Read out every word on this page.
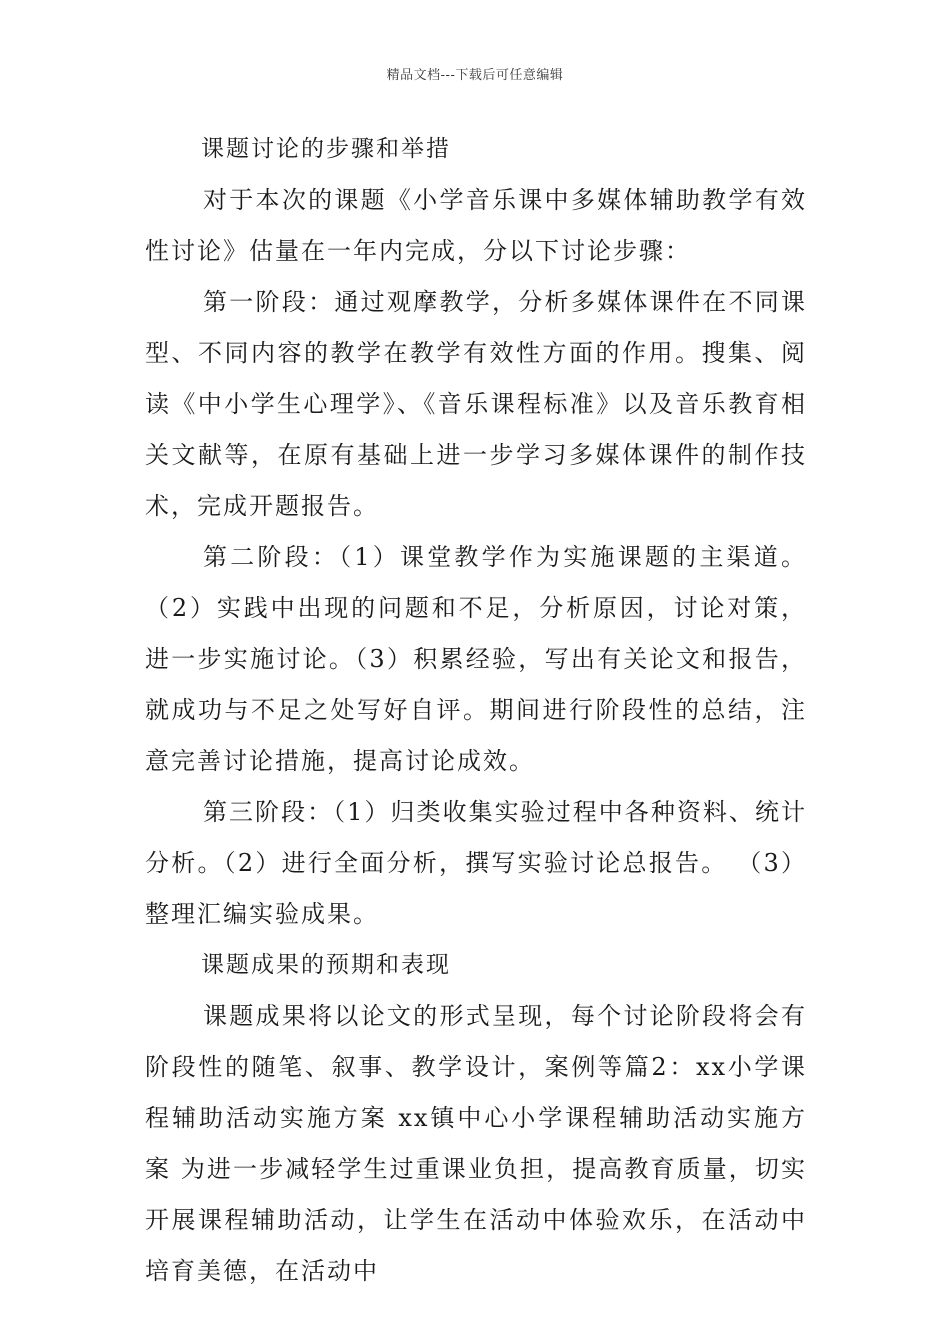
精品文档---下载后可任意编辑

课题讨论的步骤和举措

对于本次的课题《小学音乐课中多媒体辅助教学有效性讨论》估量在一年内完成，分以下讨论步骤：

第一阶段：通过观摩教学，分析多媒体课件在不同课型、不同内容的教学在教学有效性方面的作用。搜集、阅读《中小学生心理学》、《音乐课程标准》以及音乐教育相关文献等，在原有基础上进一步学习多媒体课件的制作技术，完成开题报告。

第二阶段：（1）课堂教学作为实施课题的主渠道。（2）实践中出现的问题和不足，分析原因，讨论对策，进一步实施讨论。（3）积累经验，写出有关论文和报告，就成功与不足之处写好自评。期间进行阶段性的总结，注意完善讨论措施，提高讨论成效。

第三阶段：（1）归类收集实验过程中各种资料、统计分析。（2）进行全面分析，撰写实验讨论总报告。 （3）整理汇编实验成果。

课题成果的预期和表现

课题成果将以论文的形式呈现，每个讨论阶段将会有阶段性的随笔、叙事、教学设计，案例等篇2：xx小学课程辅助活动实施方案 xx镇中心小学课程辅助活动实施方案 为进一步减轻学生过重课业负担，提高教育质量，切实开展课程辅助活动，让学生在活动中体验欢乐，在活动中培育美德，在活动中
